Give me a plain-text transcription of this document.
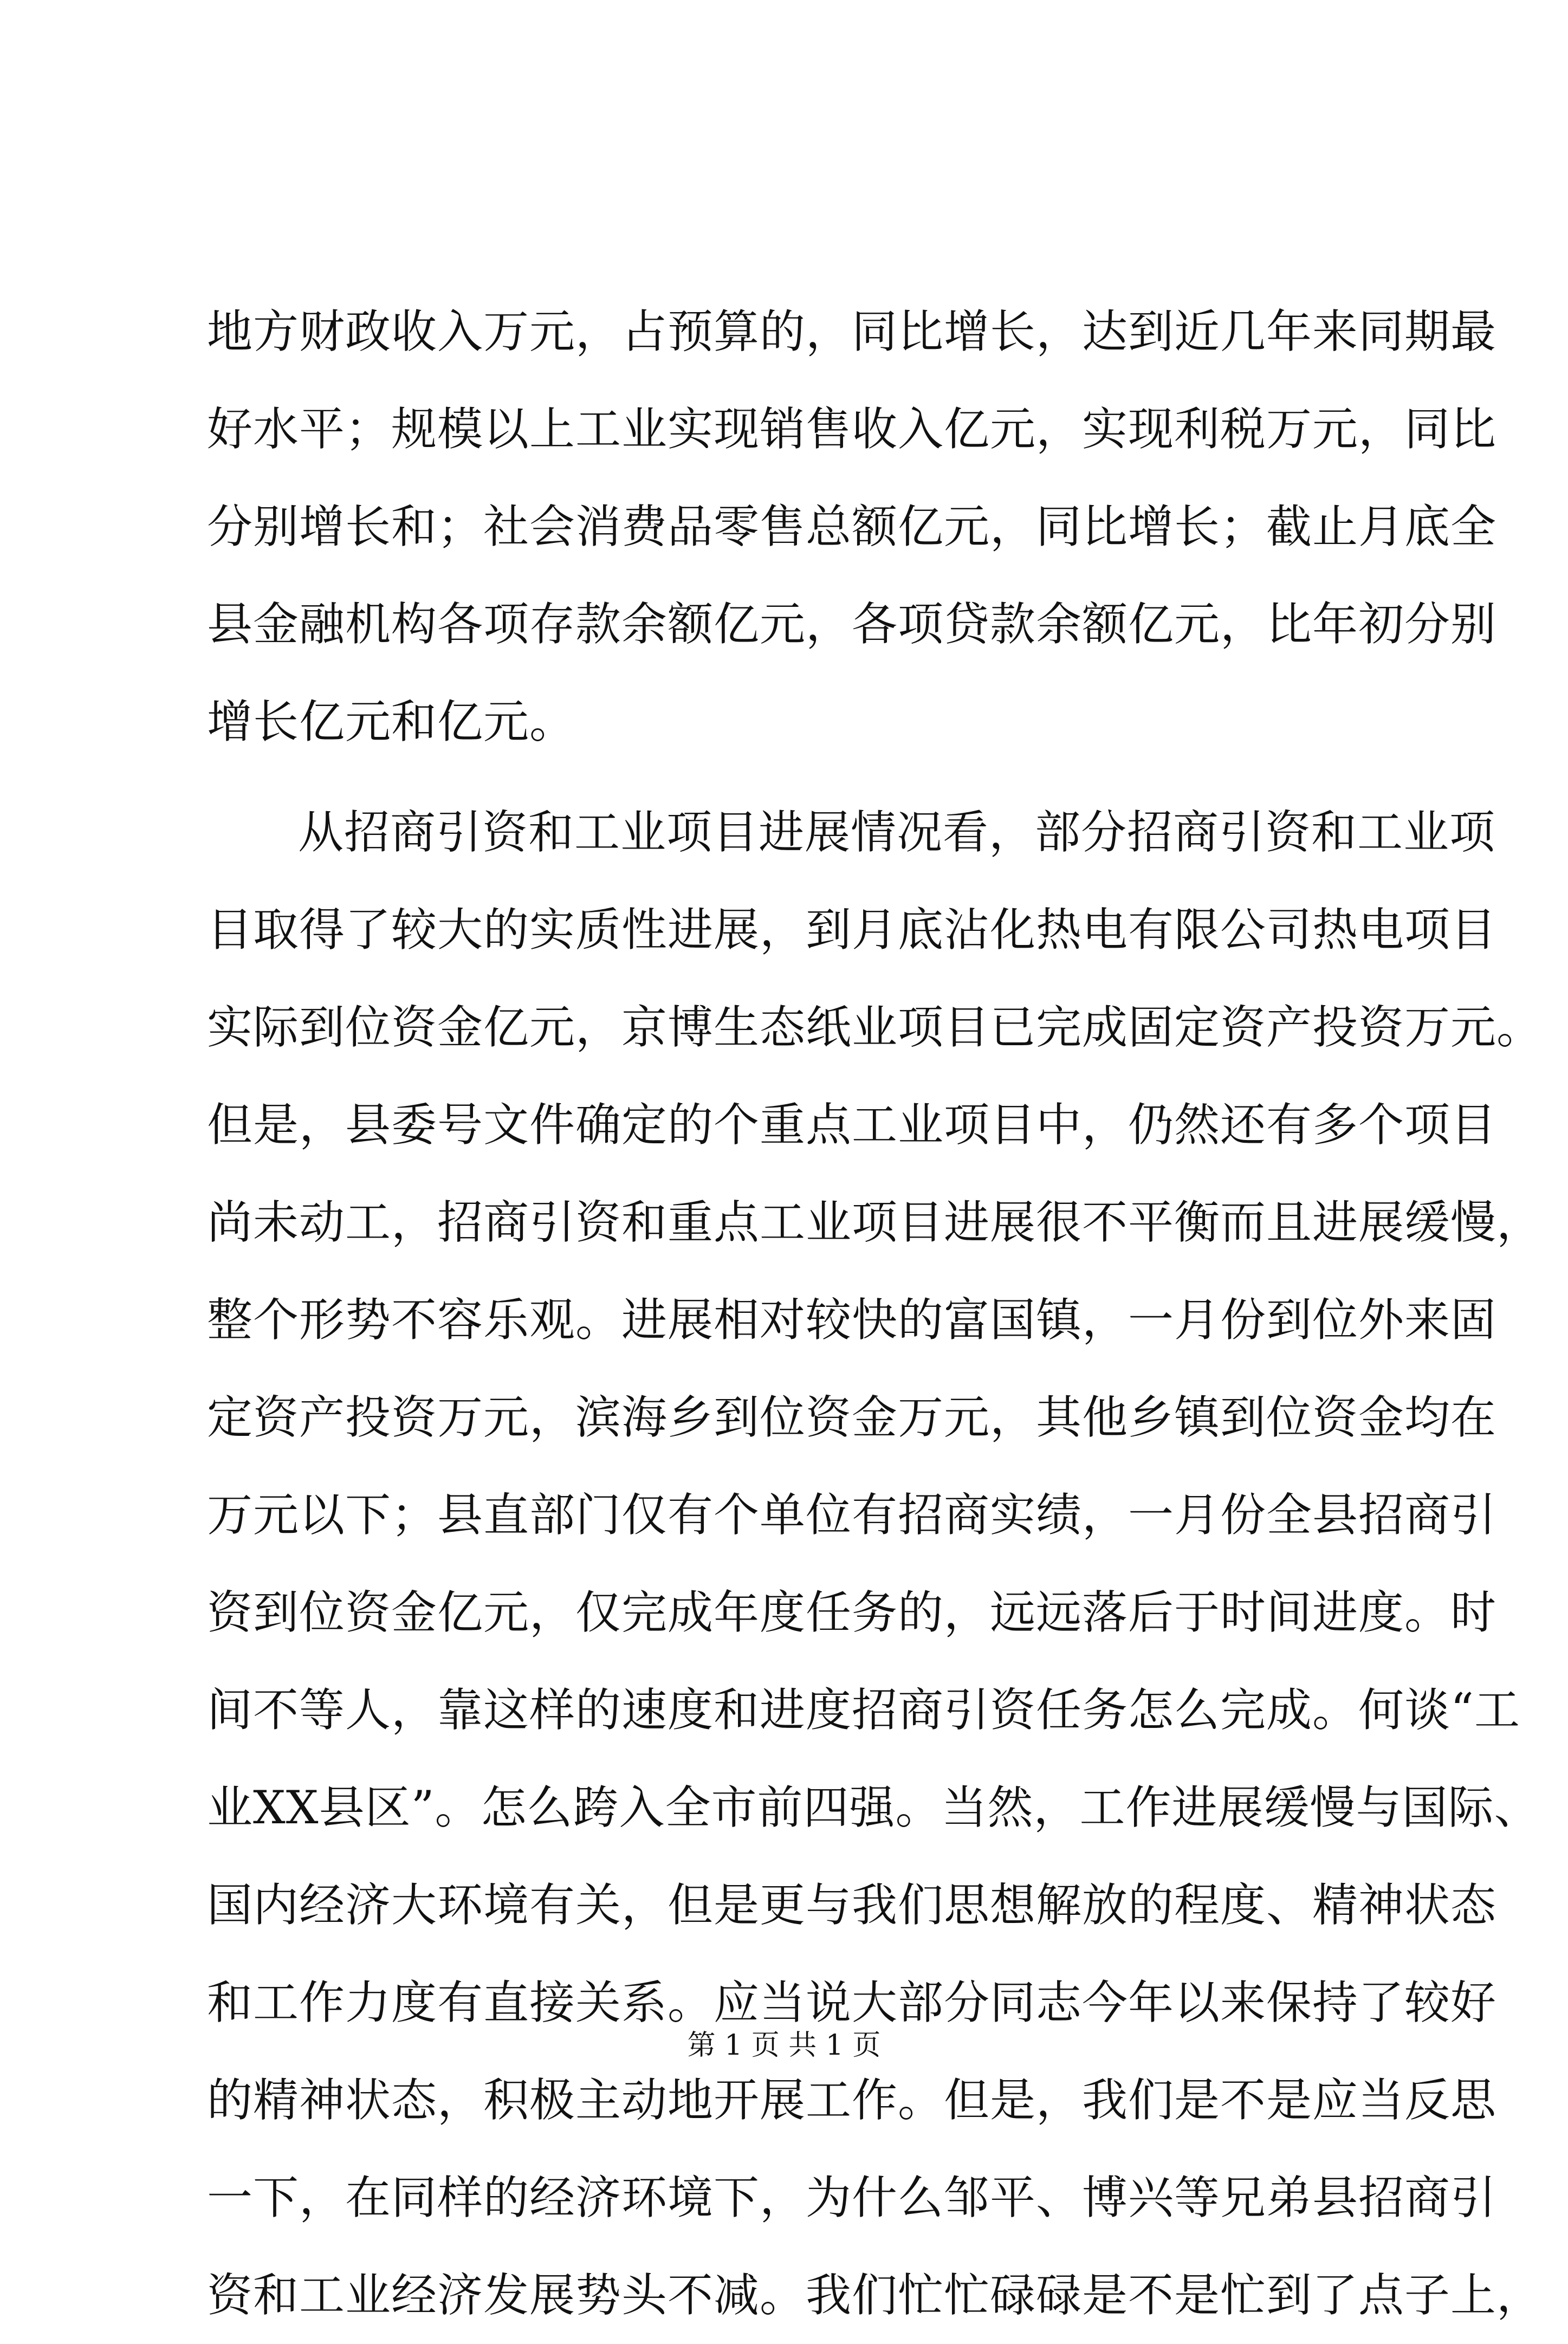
地方财政收入万元，占预算的，同比增长，达到近几年来同期最
好水平；规模以上工业实现销售收入亿元，实现利税万元，同比
分别增长和；社会消费品零售总额亿元，同比增长；截止月底全
县金融机构各项存款余额亿元，各项贷款余额亿元，比年初分别
增长亿元和亿元。
从招商引资和工业项目进展情况看，部分招商引资和工业项
目取得了较大的实质性进展，到月底沾化热电有限公司热电项目
实际到位资金亿元，京博生态纸业项目已完成固定资产投资万元。
但是，县委号文件确定的个重点工业项目中，仍然还有多个项目
尚未动工，招商引资和重点工业项目进展很不平衡而且进展缓慢，
整个形势不容乐观。进展相对较快的富国镇，一月份到位外来固
定资产投资万元，滨海乡到位资金万元，其他乡镇到位资金均在
万元以下；县直部门仅有个单位有招商实绩，一月份全县招商引
资到位资金亿元，仅完成年度任务的，远远落后于时间进度。时
间不等人，靠这样的速度和进度招商引资任务怎么完成。何谈“工
业XX县区”。怎么跨入全市前四强。当然，工作进展缓慢与国际、
国内经济大环境有关，但是更与我们思想解放的程度、精神状态
和工作力度有直接关系。应当说大部分同志今年以来保持了较好
的精神状态，积极主动地开展工作。但是，我们是不是应当反思
一下，在同样的经济环境下，为什么邹平、博兴等兄弟县招商引
资和工业经济发展势头不减。我们忙忙碌碌是不是忙到了点子上，
第 1 页 共 1 页
